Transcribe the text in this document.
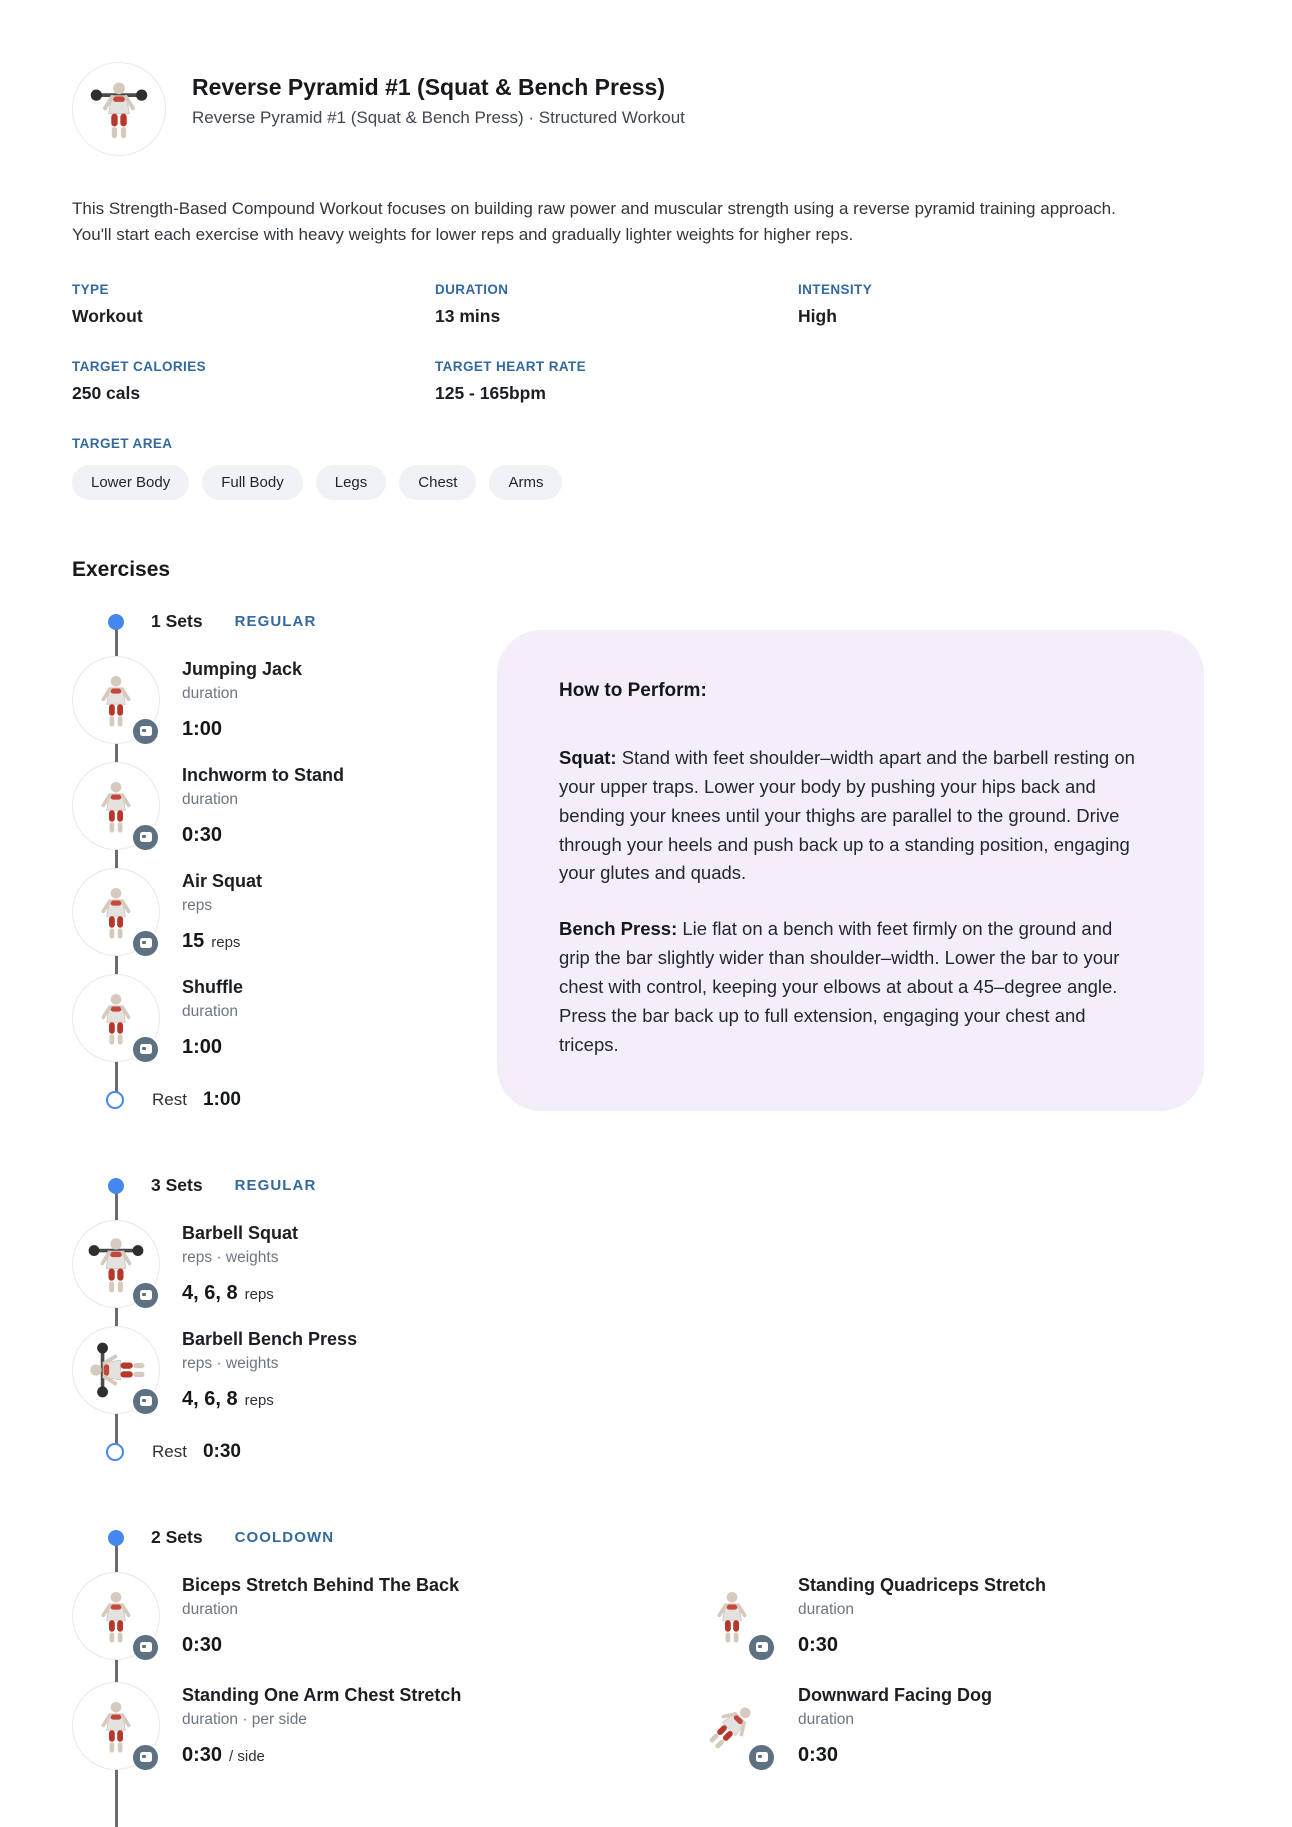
Reverse Pyramid #1 (Squat & Bench Press)
Reverse Pyramid #1 (Squat & Bench Press) · Structured Workout

This Strength-Based Compound Workout focuses on building raw power and muscular strength using a reverse pyramid training approach. You'll start each exercise with heavy weights for lower reps and gradually lighter weights for higher reps.

TYPE
Workout
DURATION
13 mins
INTENSITY
High
TARGET CALORIES
250 cals
TARGET HEART RATE
125 - 165bpm
TARGET AREA
Lower Body	Full Body	Legs	Chest	Arms
Exercises
1 Sets REGULAR
Jumping Jack
duration
1:00
Inchworm to Stand
duration
0:30
Air Squat
reps
15 reps
Shuffle
duration
1:00
Rest 1:00
3 Sets REGULAR
Barbell Squat
reps · weights
4, 6, 8 reps
Barbell Bench Press
reps · weights
4, 6, 8 reps
Rest 0:30
2 Sets COOLDOWN
Biceps Stretch Behind The Back
duration
0:30
Standing Quadriceps Stretch
duration
0:30
Standing One Arm Chest Stretch
duration · per side
0:30 / side
Downward Facing Dog
duration
0:30
How to Perform:

Squat: Stand with feet shoulder–width apart and the barbell resting on your upper traps. Lower your body by pushing your hips back and bending your knees until your thighs are parallel to the ground. Drive through your heels and push back up to a standing position, engaging your glutes and quads.

Bench Press: Lie flat on a bench with feet firmly on the ground and grip the bar slightly wider than shoulder–width. Lower the bar to your chest with control, keeping your elbows at about a 45–degree angle. Press the bar back up to full extension, engaging your chest and triceps.
